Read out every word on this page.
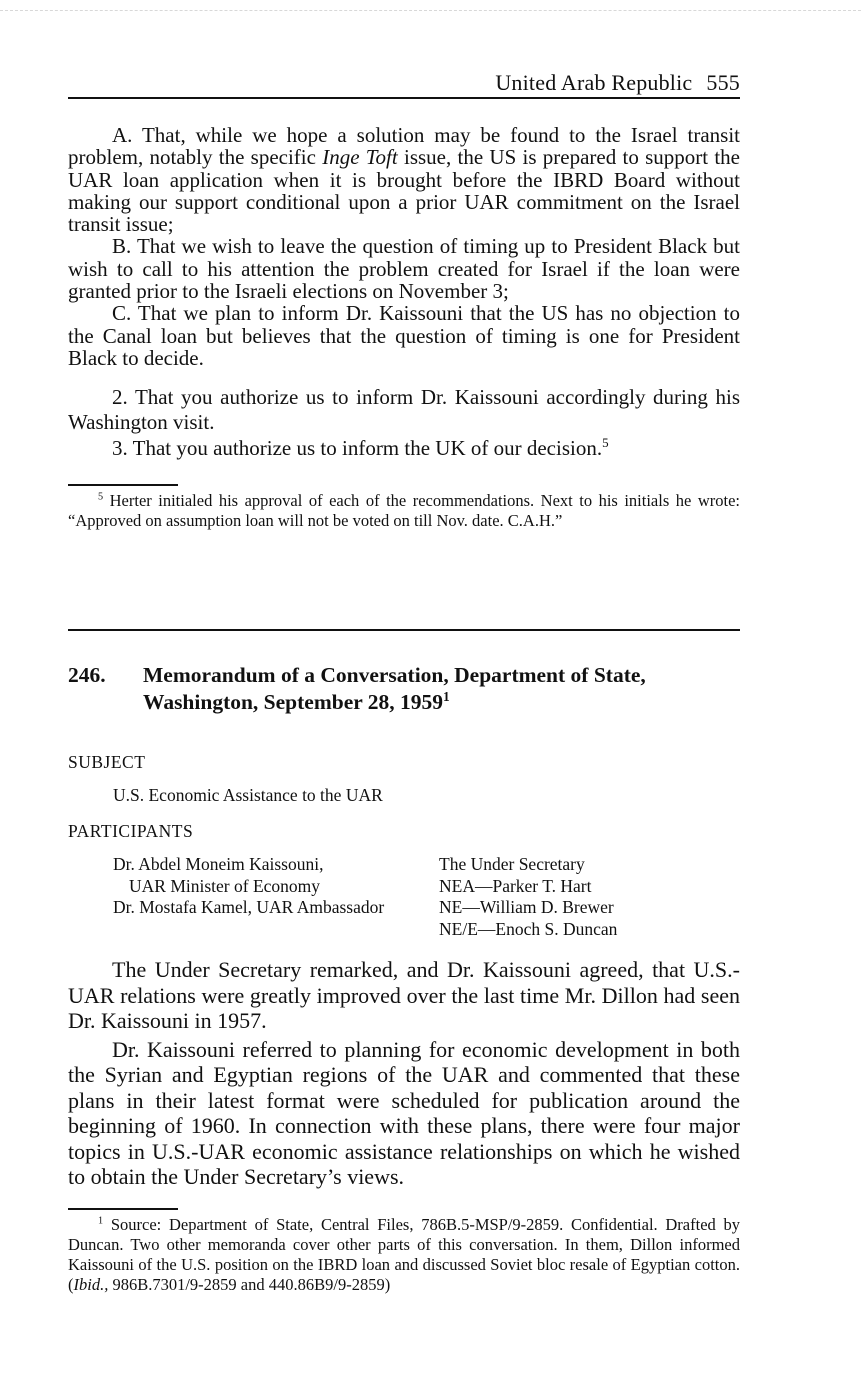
United Arab Republic 555

A. That, while we hope a solution may be found to the Israel transit problem, notably the specific Inge Toft issue, the US is prepared to support the UAR loan application when it is brought before the IBRD Board without making our support conditional upon a prior UAR commitment on the Israel transit issue;

B. That we wish to leave the question of timing up to President Black but wish to call to his attention the problem created for Israel if the loan were granted prior to the Israeli elections on November 3;

C. That we plan to inform Dr. Kaissouni that the US has no objection to the Canal loan but believes that the question of timing is one for President Black to decide.

2. That you authorize us to inform Dr. Kaissouni accordingly during his Washington visit.

3. That you authorize us to inform the UK of our decision.$^5$

$^5$ Herter initialed his approval of each of the recommendations. Next to his initials he wrote: “Approved on assumption loan will not be voted on till Nov. date. C.A.H.”

246. Memorandum of a Conversation, Department of State, Washington, September 28, 1959$^1$
SUBJECT
U.S. Economic Assistance to the UAR
PARTICIPANTS
Dr. Abdel Moneim Kaissouni,
UAR Minister of Economy
Dr. Mostafa Kamel, UAR Ambassador
The Under Secretary
NEA—Parker T. Hart
NE—William D. Brewer
NE/E—Enoch S. Duncan

The Under Secretary remarked, and Dr. Kaissouni agreed, that U.S.-UAR relations were greatly improved over the last time Mr. Dillon had seen Dr. Kaissouni in 1957.

Dr. Kaissouni referred to planning for economic development in both the Syrian and Egyptian regions of the UAR and commented that these plans in their latest format were scheduled for publication around the beginning of 1960. In connection with these plans, there were four major topics in U.S.-UAR economic assistance relationships on which he wished to obtain the Under Secretary’s views.

$^1$ Source: Department of State, Central Files, 786B.5-MSP/9-2859. Confidential. Drafted by Duncan. Two other memoranda cover other parts of this conversation. In them, Dillon informed Kaissouni of the U.S. position on the IBRD loan and discussed Soviet bloc resale of Egyptian cotton. (Ibid., 986B.7301/9-2859 and 440.86B9/9-2859)
